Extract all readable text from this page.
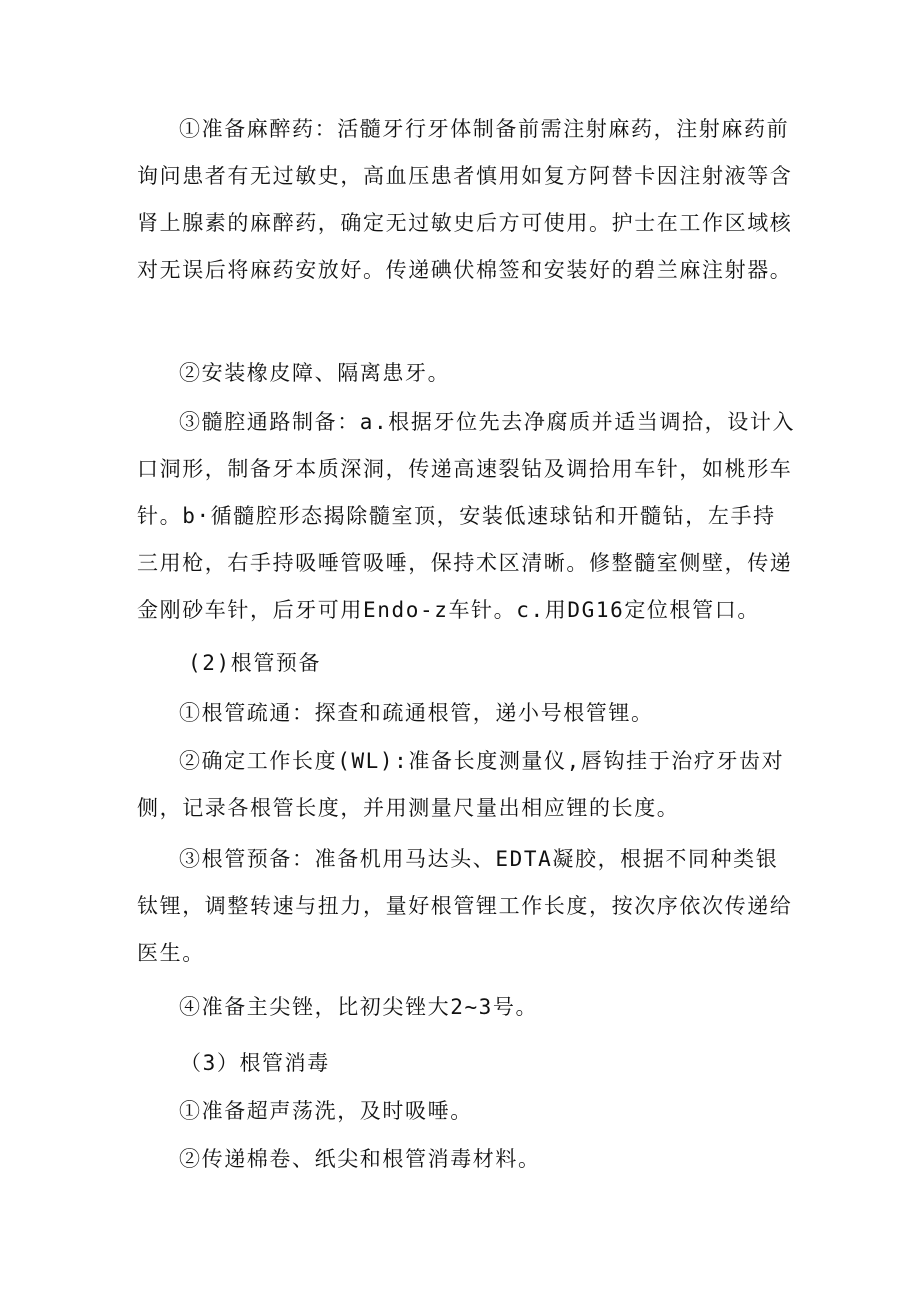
①准备麻醉药：活髓牙行牙体制备前需注射麻药，注射麻药前询问患者有无过敏史，高血压患者慎用如复方阿替卡因注射液等含肾上腺素的麻醉药，确定无过敏史后方可使用。护士在工作区域核对无误后将麻药安放好。传递碘伏棉签和安装好的碧兰麻注射器。

②安装橡皮障、隔离患牙。

③髓腔通路制备：a.根据牙位先去净腐质并适当调拾，设计入口洞形，制备牙本质深洞，传递高速裂钻及调拾用车针，如桃形车针。b·循髓腔形态揭除髓室顶，安装低速球钻和开髓钻，左手持三用枪，右手持吸唾管吸唾，保持术区清晰。修整髓室侧壁，传递金刚砂车针，后牙可用Endo-z车针。c.用DG16定位根管口。

(2)根管预备

①根管疏通：探查和疏通根管，递小号根管锂。

②确定工作长度(WL):准备长度测量仪,唇钩挂于治疗牙齿对侧，记录各根管长度，并用测量尺量出相应锂的长度。

③根管预备：准备机用马达头、EDTA凝胶，根据不同种类银钛锂，调整转速与扭力，量好根管锂工作长度，按次序依次传递给医生。

④准备主尖锉，比初尖锉大2~3号。

（3）根管消毒

①准备超声荡洗，及时吸唾。

②传递棉卷、纸尖和根管消毒材料。
